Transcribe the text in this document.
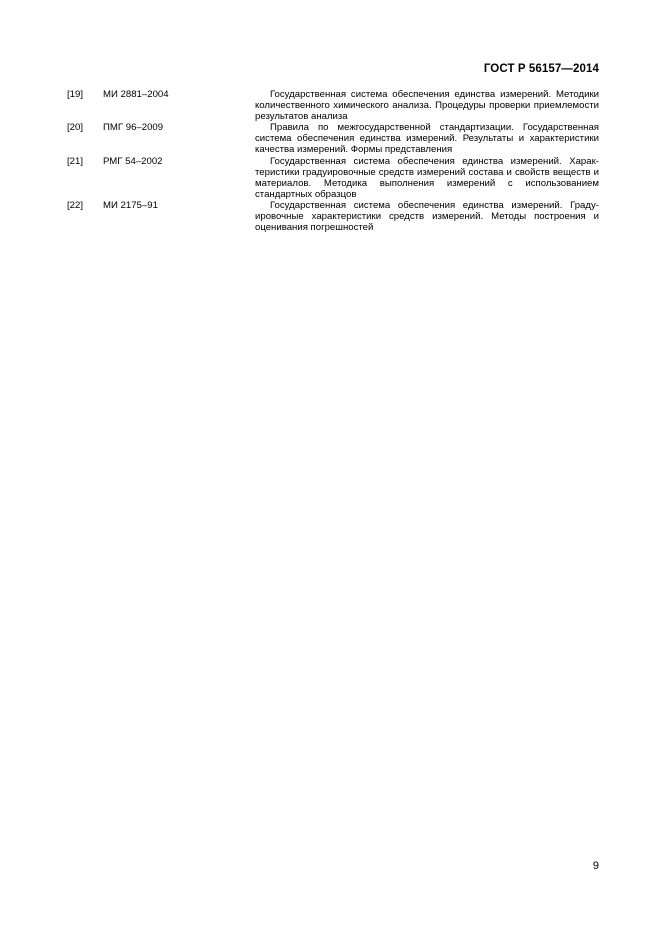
ГОСТ Р 56157—2014
[19]	МИ 2881–2004	Государственная система обеспечения единства измерений. Методики количественного химического анализа. Процедуры проверки приемлемости результатов анализа
[20]	ПМГ 96–2009	Правила по межгосударственной стандартизации. Государственная система обеспечения единства измерений. Результаты и характеристики качества измерений. Формы представления
[21]	РМГ 54–2002	Государственная система обеспечения единства измерений. Характеристики градуировочные средств измерений состава и свойств веществ и материалов. Методика выполнения измерений с использованием стандартных образцов
[22]	МИ 2175–91	Государственная система обеспечения единства измерений. Градуировочные характеристики средств измерений. Методы построения и оценивания погрешностей
9
